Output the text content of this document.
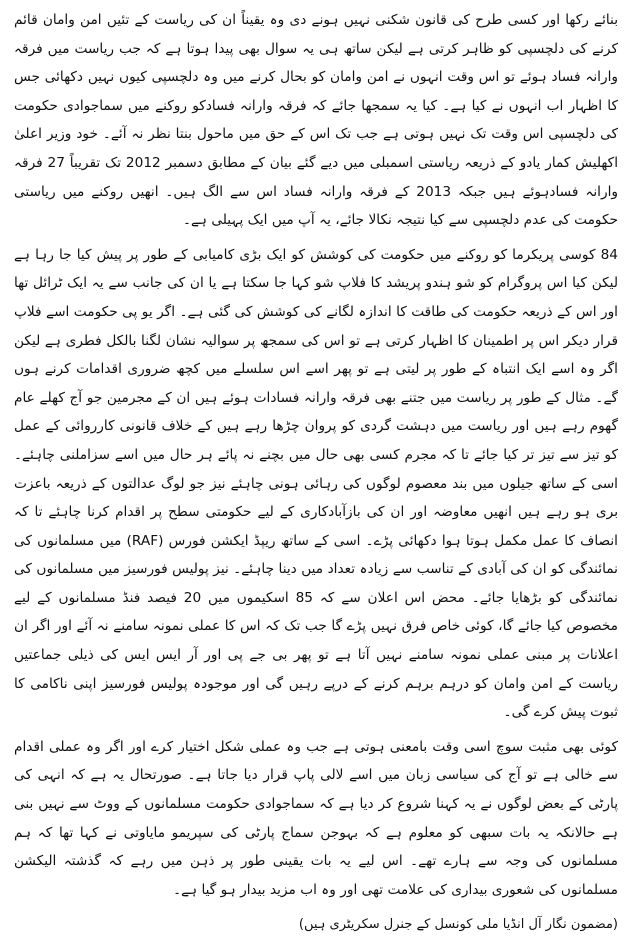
بنائے رکھا اور کسی طرح کی قانون شکنی نہیں ہونے دی وہ یقیناً ان کی ریاست کے تئیں امن وامان قائم کرنے کی دلچسپی کو ظاہر کرتی ہے لیکن ساتھ ہی یہ سوال بھی پیدا ہوتا ہے کہ جب ریاست میں فرقہ وارانہ فساد ہوئے تو اس وقت انہوں نے امن وامان کو بحال کرنے میں وہ دلچسپی کیوں نہیں دکھائی جس کا اظہار اب انہوں نے کیا ہے۔ کیا یہ سمجھا جائے کہ فرقہ وارانہ فسادکو روکنے میں سماجوادی حکومت کی دلچسپی اس وقت تک نہیں ہوتی ہے جب تک اس کے حق میں ماحول بنتا نظر نہ آئے۔ خود وزیر اعلیٰ اکھلیش کمار یادو کے ذریعہ ریاستی اسمبلی میں دیے گئے بیان کے مطابق دسمبر 2012 تک تقریباً 27 فرقہ وارانہ فسادہوئے ہیں جبکہ 2013 کے فرقہ وارانہ فساد اس سے الگ ہیں۔ انھیں روکنے میں ریاستی حکومت کی عدم دلچسپی سے کیا نتیجہ نکالا جائے، یہ آپ میں ایک پہیلی ہے۔

84 کوسی پریکرما کو روکنے میں حکومت کی کوشش کو ایک بڑی کامیابی کے طور پر پیش کیا جا رہا ہے لیکن کیا اس پروگرام کو شو ہندو پریشد کا فلاپ شو کہا جا سکتا ہے یا ان کی جانب سے یہ ایک ٹرائل تھا اور اس کے ذریعہ حکومت کی طاقت کا اندازہ لگانے کی کوشش کی گئی ہے۔ اگر یو پی حکومت اسے فلاپ قرار دیکر اس پر اطمینان کا اظہار کرتی ہے تو اس کی سمجھ پر سوالیہ نشان لگنا بالکل فطری ہے لیکن اگر وہ اسے ایک انتباہ کے طور پر لیتی ہے تو پھر اسے اس سلسلے میں کچھ ضروری اقدامات کرنے ہوں گے۔ مثال کے طور پر ریاست میں جتنے بھی فرقہ وارانہ فسادات ہوئے ہیں ان کے مجرمین جو آج کھلے عام گھوم رہے ہیں اور ریاست میں دہشت گردی کو پروان چڑھا رہے ہیں کے خلاف قانونی کارروائی کے عمل کو تیز سے تیز تر کیا جائے تا کہ مجرم کسی بھی حال میں بچنے نہ پائے ہر حال میں اسے سزاملنی چاہئے۔ اسی کے ساتھ جیلوں میں بند معصوم لوگوں کی رہائی ہونی چاہئے نیز جو لوگ عدالتوں کے ذریعہ باعزت بری ہو رہے ہیں انھیں معاوضہ اور ان کی بازآبادکاری کے لیے حکومتی سطح پر اقدام کرنا چاہئے تا کہ انصاف کا عمل مکمل ہوتا ہوا دکھائی پڑے۔ اسی کے ساتھ ریپڈ ایکشن فورس (RAF) میں مسلمانوں کی نمائندگی کو ان کی آبادی کے تناسب سے زیادہ تعداد میں دینا چاہئے۔ نیز پولیس فورسیز میں مسلمانوں کی نمائندگی کو بڑھایا جائے۔ محض اس اعلان سے کہ 85 اسکیموں میں 20 فیصد فنڈ مسلمانوں کے لیے مخصوص کیا جائے گا، کوئی خاص فرق نہیں پڑے گا جب تک کہ اس کا عملی نمونہ سامنے نہ آئے اور اگر ان اعلانات پر مبنی عملی نمونہ سامنے نہیں آتا ہے تو پھر بی جے پی اور آر ایس ایس کی ذیلی جماعتیں ریاست کے امن وامان کو درہم برہم کرنے کے درپے رہیں گی اور موجودہ پولیس فورسیز اپنی ناکامی کا ثبوت پیش کرے گی۔

کوئی بھی مثبت سوچ اسی وقت بامعنی ہوتی ہے جب وہ عملی شکل اختیار کرے اور اگر وہ عملی اقدام سے خالی ہے تو آج کی سیاسی زبان میں اسے لالی پاپ قرار دیا جاتا ہے۔ صورتحال یہ ہے کہ انہی کی پارٹی کے بعض لوگوں نے یہ کہنا شروع کر دیا ہے کہ سماجوادی حکومت مسلمانوں کے ووٹ سے نہیں بنی ہے حالانکہ یہ بات سبھی کو معلوم ہے کہ بہوجن سماج پارٹی کی سپریمو مایاوتی نے کہا تھا کہ ہم مسلمانوں کی وجہ سے ہارے تھے۔ اس لیے یہ بات یقینی طور پر ذہن میں رہے کہ گذشتہ الیکشن مسلمانوں کی شعوری بیداری کی علامت تھی اور وہ اب مزید بیدار ہو گیا ہے۔

(مضمون نگار آل انڈیا ملی کونسل کے جنرل سکریٹری ہیں)
